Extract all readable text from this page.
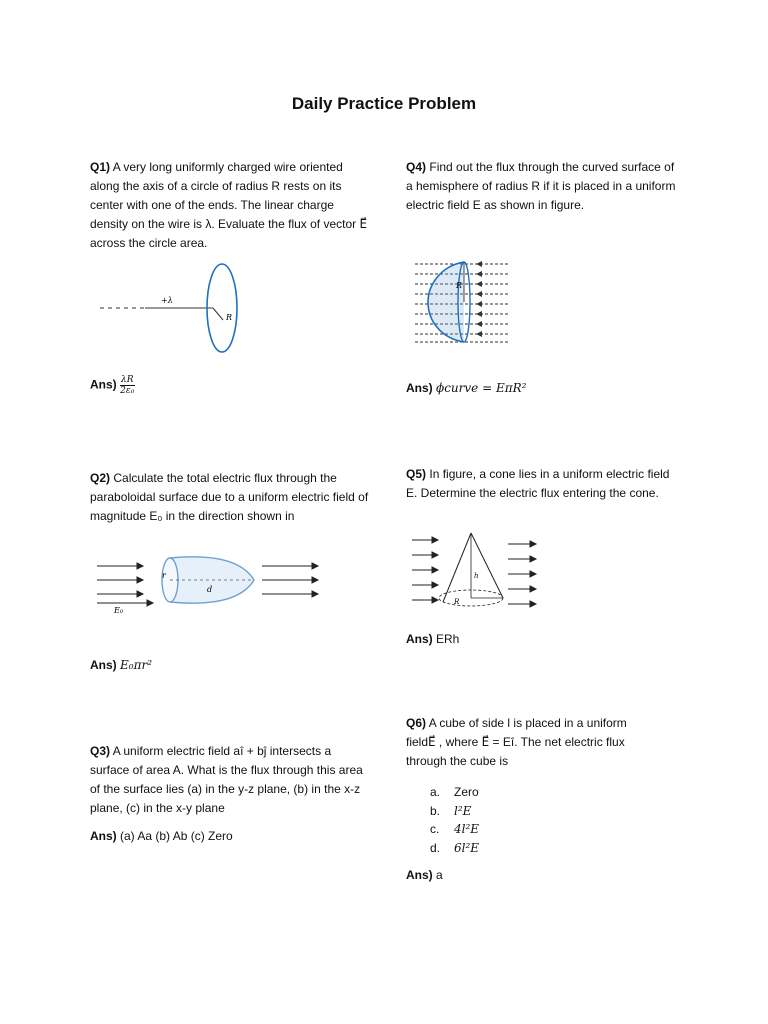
Daily Practice Problem
Q1) A very long uniformly charged wire oriented along the axis of a circle of radius R rests on its center with one of the ends. The linear charge density on the wire is λ. Evaluate the flux of vector E⃗ across the circle area.
+λ
R
$Ans) \frac{\lambda R}{\text{2ε₀}}$
Q2) Calculate the total electric flux through the paraboloidal surface due to a uniform electric field of magnitude E₀ in the direction shown in
r
d
E₀
Ans) E₀πr²
Q3) A uniform electric field aî + bĵ intersects a surface of area A. What is the flux through this area of the surface lies (a) in the y-z plane, (b) in the x-z plane, (c) in the x-y plane
Ans) (a) Aa (b) Ab (c) Zero
Q4) Find out the flux through the curved surface of a hemisphere of radius R if it is placed in a uniform electric field E as shown in figure.
R
Ans) ϕcurve = EπR²
Q5) In figure, a cone lies in a uniform electric field E. Determine the electric flux entering the cone.
h
R
Ans) ERh
Q6) A cube of side l is placed in a uniform fieldE⃗ , where E⃗ = Eî. The net electric flux through the cube is
a.	Zero
b.	l²E
c.	4l²E
d.	6l²E
Ans) a
